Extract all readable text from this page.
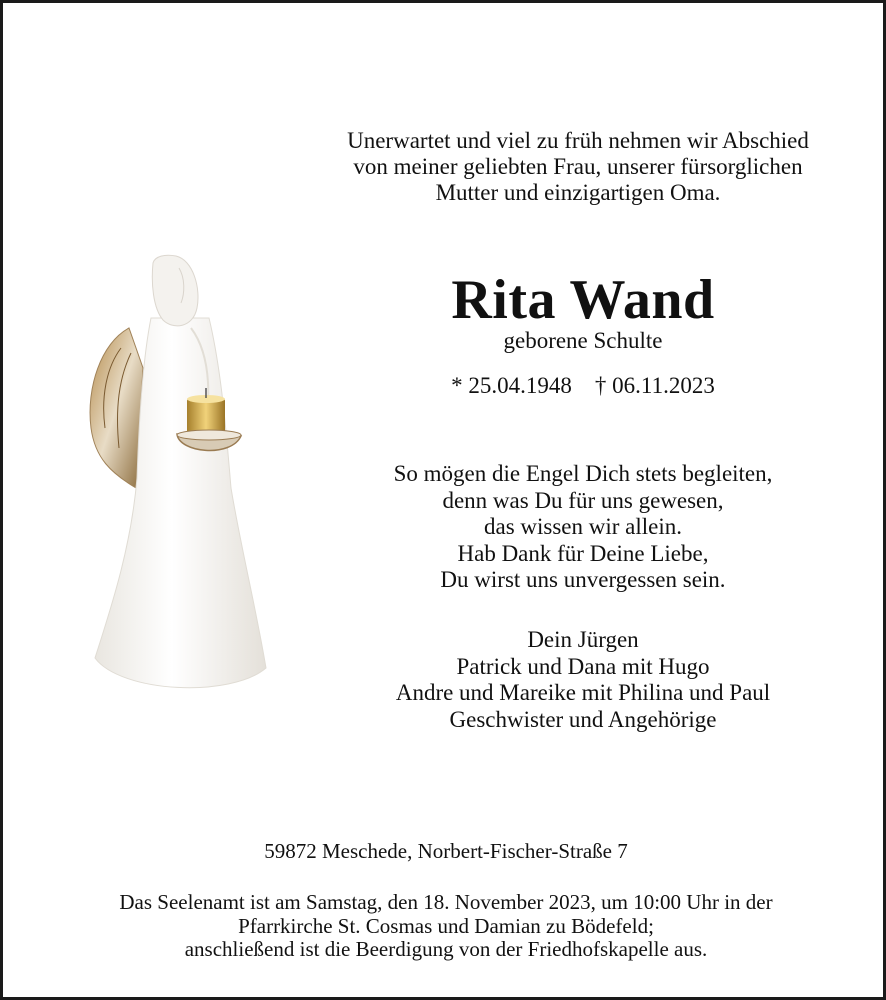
Unerwartet und viel zu früh nehmen wir Abschied
von meiner geliebten Frau, unserer fürsorglichen
Mutter und einzigartigen Oma.
Rita Wand
geborene Schulte
* 25.04.1948 † 06.11.2023
So mögen die Engel Dich stets begleiten,
denn was Du für uns gewesen,
das wissen wir allein.
Hab Dank für Deine Liebe,
Du wirst uns unvergessen sein.
Dein Jürgen
Patrick und Dana mit Hugo
Andre und Mareike mit Philina und Paul
Geschwister und Angehörige
59872 Meschede, Norbert-Fischer-Straße 7
Das Seelenamt ist am Samstag, den 18. November 2023, um 10:00 Uhr in der
Pfarrkirche St. Cosmas und Damian zu Bödefeld;
anschließend ist die Beerdigung von der Friedhofskapelle aus.
